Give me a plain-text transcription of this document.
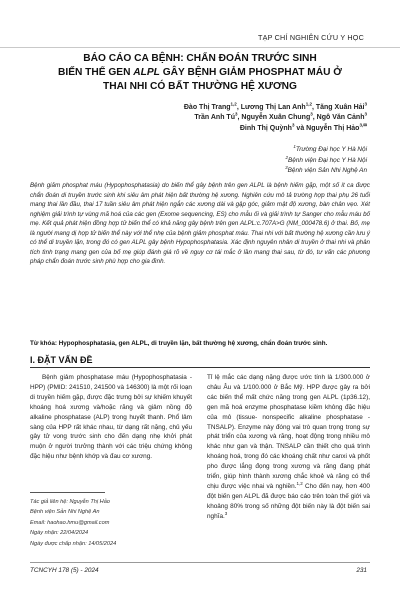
TẠP CHÍ NGHIÊN CỨU Y HỌC
BÁO CÁO CA BỆNH: CHẨN ĐOÁN TRƯỚC SINH
BIẾN THỂ GEN ALPL GÂY BỆNH GIẢM PHOSPHAT MÁU Ở
THAI NHI CÓ BẤT THƯỜNG HỆ XƯƠNG
Đào Thị Trang$^{1,2}$, Lương Thị Lan Anh$^{1,2}$, Tăng Xuân Hải$^3$
Trần Anh $Tú^3$, Nguyễn Xuân Chung$^3$, Ngô Văn Cảnh$^3$
Đinh Thị Quỳnh$^3$ và Nguyễn Thị Hảo$^{3,✉}$
$^1$Trường Đại học Y Hà Nội
$^2$Bệnh viện Đại học Y Hà Nội
$^3$Bệnh viện Sản Nhi Nghệ An
Bệnh giảm phosphat máu (Hypophosphatasia) do biến thể gây bệnh trên gen ALPL là bệnh hiếm gặp, một số ít ca được chẩn đoán di truyền trước sinh khi siêu âm phát hiện bất thường hệ xương. Nghiên cứu mô tả trường hợp thai phụ 26 tuổi mang thai lần đầu, thai 17 tuần siêu âm phát hiện ngắn các xương dài và gập góc, giảm mật độ xương, bàn chân vẹo. Xét nghiệm giải trình tự vùng mã hoá của các gen (Exome sequencing, ES) cho mẫu ối và giải trình tự Sanger cho mẫu máu bố mẹ. Kết quả phát hiện đồng hợp tử biến thể có khả năng gây bệnh trên gen ALPL:c.707A>G (NM_000478.6) ở thai. Bố, mẹ là người mang dị hợp tử biến thể này với thể nhẹ của bệnh giảm phosphat máu. Thai nhi với bất thường hệ xương cần lưu ý có thể di truyền lặn, trong đó có gen ALPL gây bệnh Hypophosphatasia. Xác định nguyên nhân di truyền ở thai nhi và phân tích tình trạng mang gen của bố mẹ giúp đánh giá rõ về nguy cơ tái mắc ở lần mang thai sau, từ đó, tư vấn các phương pháp chẩn đoán trước sinh phù hợp cho gia đình.
Từ khóa: Hypophosphatasia, gen ALPL, di truyền lặn, bất thường hệ xương, chẩn đoán trước sinh.
I. ĐẶT VẤN ĐỀ

Bệnh giảm phosphatase máu (Hypophosphatasia - HPP) (PMID: 241510, 241500 và 146300) là một rối loạn di truyền hiếm gặp, được đặc trưng bởi sự khiếm khuyết khoáng hoá xương và/hoặc răng và giảm nồng độ alkaline phosphatase (ALP) trong huyết thanh. Phổ lâm sàng của HPP rất khác nhau, từ dạng rất nặng, chủ yếu gây tử vong trước sinh cho đến dạng nhẹ khởi phát muộn ở người trưởng thành với các triệu chứng không đặc hiệu như bệnh khớp và đau cơ xương.

Tỉ lệ mắc các dạng nặng được ước tính là 1/300.000 ở châu Âu và 1/100.000 ở Bắc Mỹ. HPP được gây ra bởi các biến thể mất chức năng trong gen ALPL (1p36.12), gen mã hoá enzyme phosphatase kiềm không đặc hiệu của mô (tissue- nonspecific alkaline phosphatase - TNSALP). Enzyme này đóng vai trò quan trọng trong sự phát triển của xương và răng, hoạt động trong nhiều mô khác như gan và thận. TNSALP cần thiết cho quá trình khoáng hoá, trong đó các khoáng chất như canxi và phốt pho được lắng đọng trong xương và răng đang phát triển, giúp hình thành xương chắc khoẻ và răng có thể chịu được việc nhai và nghiền.$^{1,2}$ Cho đến nay, hơn 400 đột biến gen ALPL đã được báo cáo trên toàn thế giới và khoảng 80% trong số những đột biến này là đột biến sai nghĩa.$^3$

Tác giả liên hệ: Nguyễn Thị Hảo
Bệnh viện Sản Nhi Nghệ An
Email: haohao.hmu@gmail.com
Ngày nhận: 22/04/2024
Ngày được chấp nhận: 14/05/2024
TCNCYH 178 (5) - 2024	231
